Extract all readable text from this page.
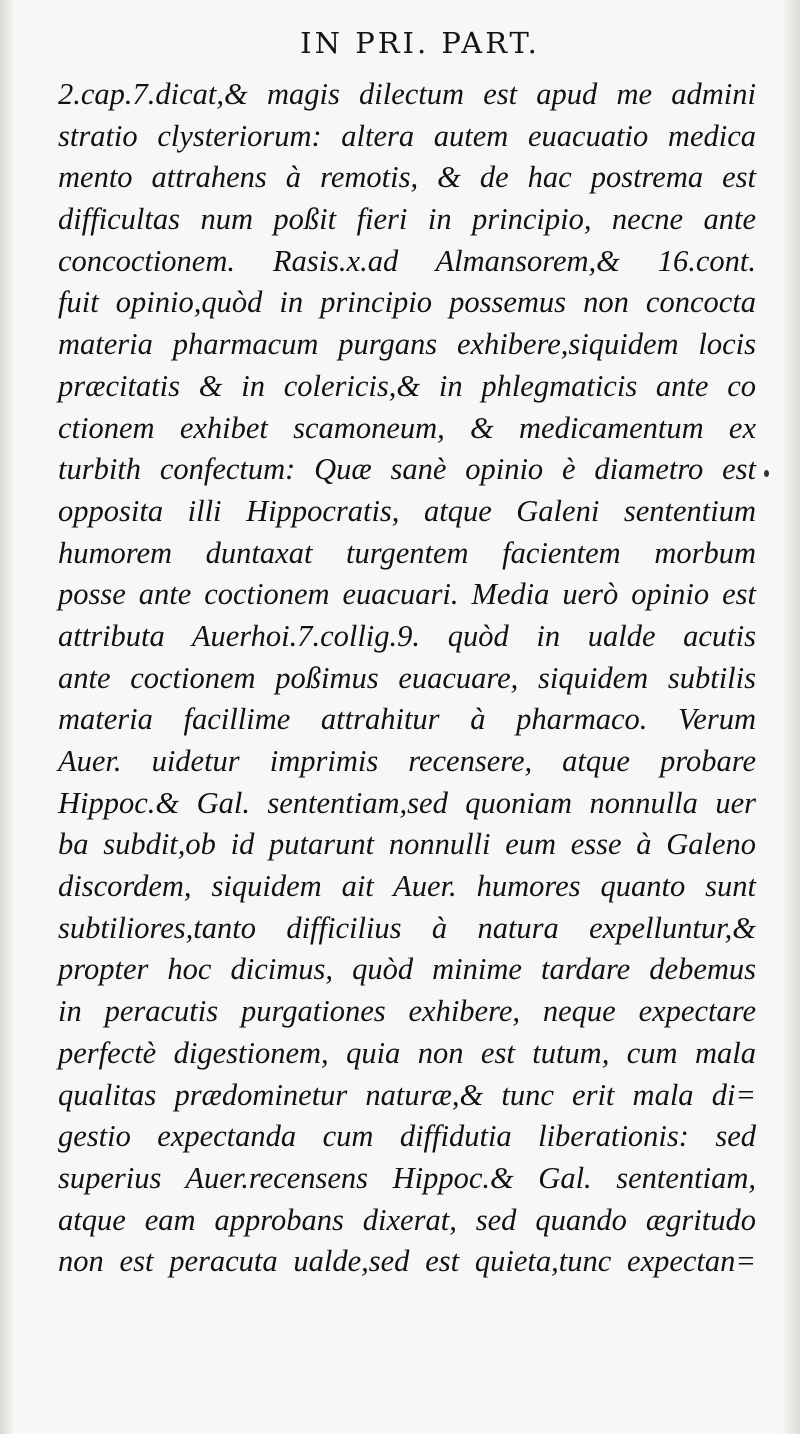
IN PRI. PART.
2.cap.7.dicat,& magis dilectum est apud me admini
stratio clysteriorum: altera autem euacuatio medica
mento attrahens à remotis, & de hac postrema est
difficultas num poßit fieri in principio, necne ante
concoctionem. Rasis.x.ad Almansorem,& 16.cont.
fuit opinio,quòd in principio possemus non concocta
materia pharmacum purgans exhibere,siquidem locis
præcitatis & in colericis,& in phlegmaticis ante co
ctionem exhibet scamoneum, & medicamentum ex
turbith confectum: Quæ sanè opinio è diametro est
opposita illi Hippocratis, atque Galeni sententium
humorem duntaxat turgentem facientem morbum
posse ante coctionem euacuari. Media uerò opinio est
attributa Auerhoi.7.collig.9. quòd in ualde acutis
ante coctionem poßimus euacuare, siquidem subtilis
materia facillime attrahitur à pharmaco. Verum
Auer. uidetur imprimis recensere, atque probare
Hippoc.& Gal. sententiam,sed quoniam nonnulla uer
ba subdit,ob id putarunt nonnulli eum esse à Galeno
discordem, siquidem ait Auer. humores quanto sunt
subtiliores,tanto difficilius à natura expelluntur,&
propter hoc dicimus, quòd minime tardare debemus
in peracutis purgationes exhibere, neque expectare
perfectè digestionem, quia non est tutum, cum mala
qualitas prædominetur naturæ,& tunc erit mala di=
gestio expectanda cum diffidutia liberationis: sed
superius Auer.recensens Hippoc.& Gal. sententiam,
atque eam approbans dixerat, sed quando ægritudo
non est peracuta ualde,sed est quieta,tunc expectan=
